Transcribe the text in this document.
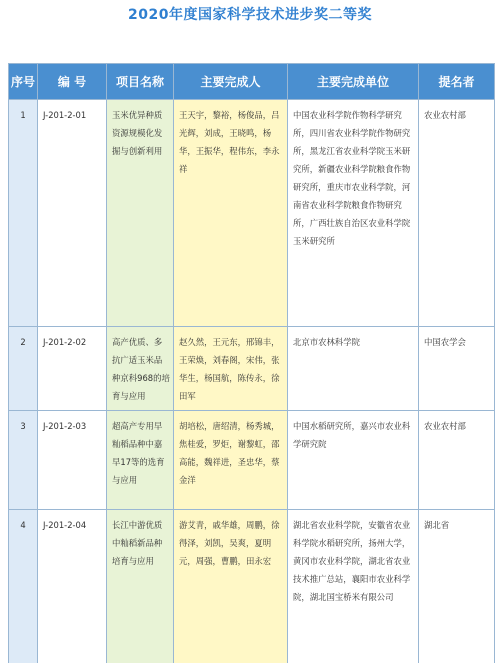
2020年度国家科学技术进步奖二等奖
序号	编 号	项目名称	主要完成人	主要完成单位	提名者
1	J-201-2-01	玉米优异种质资源规模化发掘与创新利用	王天宇，黎裕，杨俊品，吕光辉，刘成，王晓鸣，杨华，王振华，程伟东，李永祥	中国农业科学院作物科学研究所，四川省农业科学院作物研究所，黑龙江省农业科学院玉米研究所，新疆农业科学院粮食作物研究所，重庆市农业科学院，河南省农业科学院粮食作物研究所，广西壮族自治区农业科学院玉米研究所	农业农村部
2	J-201-2-02	高产优质、多抗广适玉米品种京科968的培育与应用	赵久然，王元东，邢锦丰，王荣焕，刘春阁，宋伟，张华生，杨国航，陈传永，徐田军	北京市农林科学院	中国农学会
3	J-201-2-03	超高产专用早籼稻品种中嘉早17等的选育与应用	胡培松，唐绍清，杨秀城，焦桂爱，罗炬，谢黎虹，邵高能，魏祥进，圣忠华，蔡金洋	中国水稻研究所，嘉兴市农业科学研究院	农业农村部
4	J-201-2-04	长江中游优质中籼稻新品种培育与应用	游艾青，戚华雄，周鹏，徐得泽，刘凯，吴爽，夏明元，周强，曹鹏，田永宏	湖北省农业科学院，安徽省农业科学院水稻研究所，扬州大学，黄冈市农业科学院，湖北省农业技术推广总站，襄阳市农业科学院，湖北国宝桥米有限公司	湖北省
